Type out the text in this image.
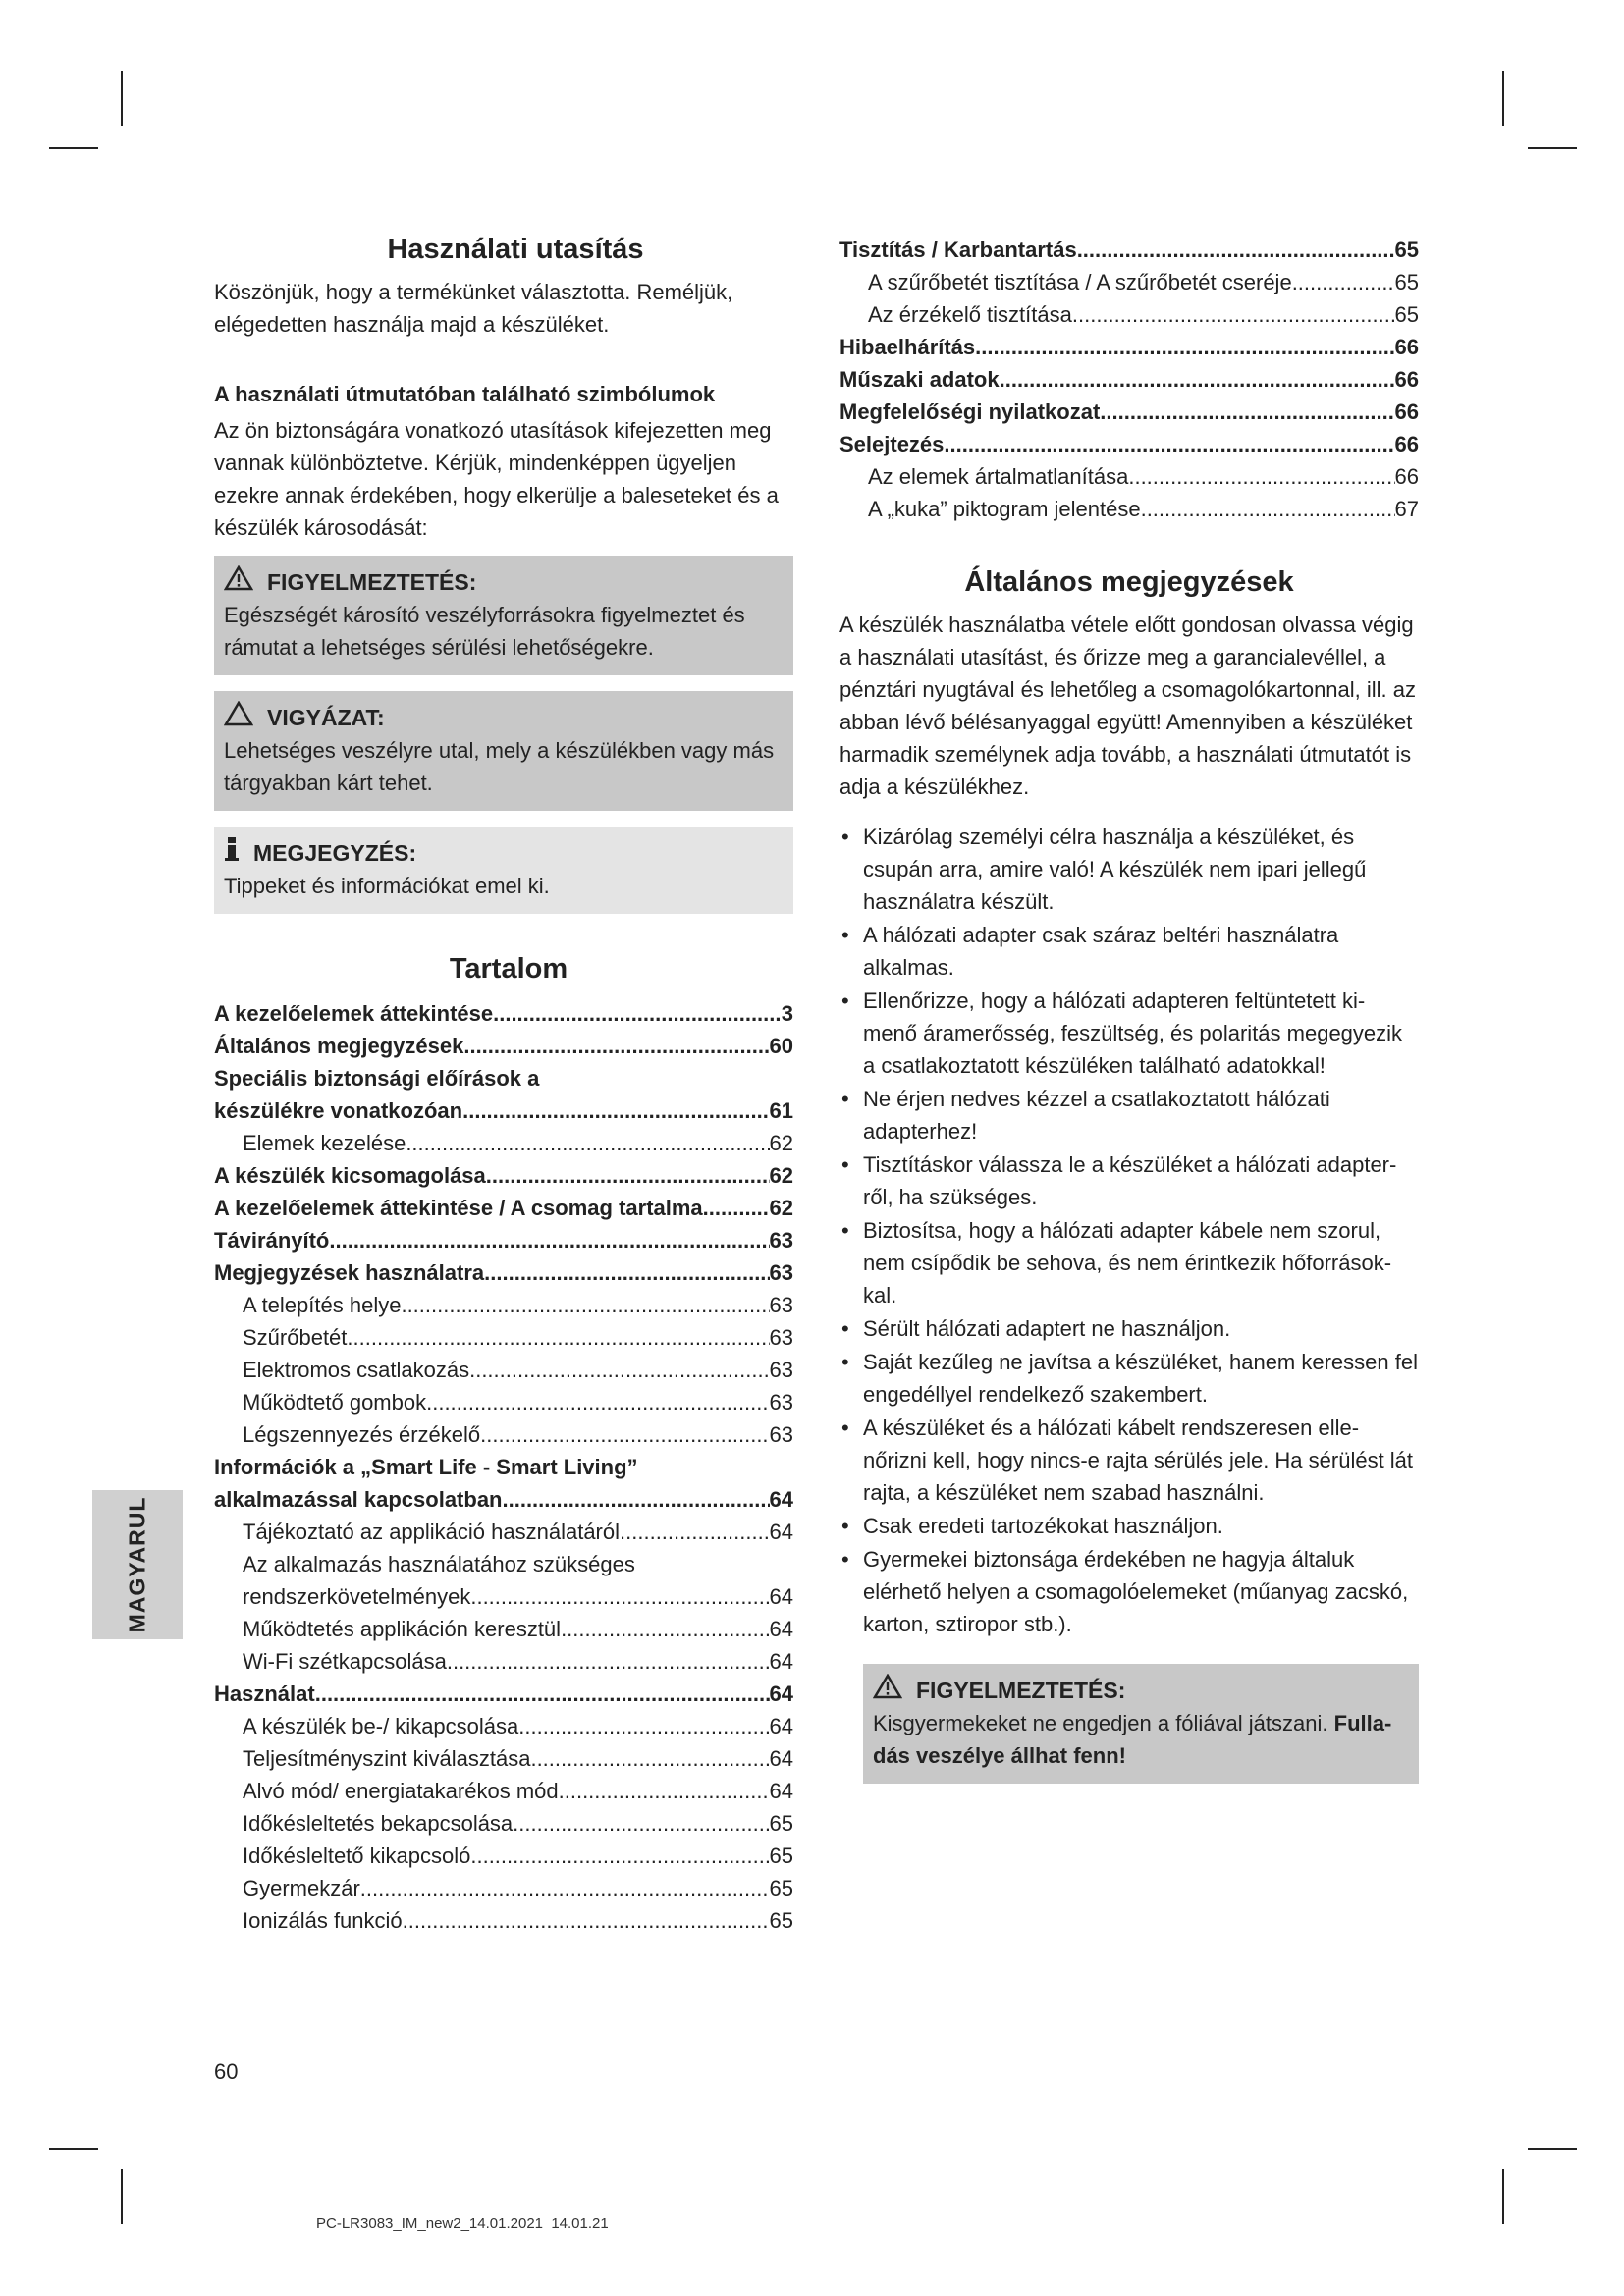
Használati utasítás

Köszönjük, hogy a termékünket választotta. Reméljük, elégedetten használja majd a készüléket.

A használati útmutatóban található szimbólumok

Az ön biztonságára vonatkozó utasítások kifejezetten meg vannak különböztetve. Kérjük, mindenképpen ügyeljen ezekre annak érdekében, hogy elkerülje a baleseteket és a készülék károsodását:

FIGYELMEZTETÉS:
Egészségét károsító veszélyforrásokra figyelmeztet és rámutat a lehetséges sérülési lehetőségekre.
VIGYÁZAT:
Lehetséges veszélyre utal, mely a készülékben vagy más tárgyakban kárt tehet.
MEGJEGYZÉS:
Tippeket és információkat emel ki.
Tartalom
A kezelőelemek áttekintése .....	3
Általános megjegyzések .....	60
Speciális biztonsági előírások a
készülékre vonatkozóan .....	61
Elemek kezelése .....	62
A készülék kicsomagolása .....	62
A kezelőelemek áttekintése / A csomag tartalma .....	62
Távirányító .....	63
Megjegyzések használatra .....	63
A telepítés helye .....	63
Szűrőbetét .....	63
Elektromos csatlakozás .....	63
Működtető gombok .....	63
Légszennyezés érzékelő .....	63
Információk a „Smart Life - Smart Living”
alkalmazással kapcsolatban .....	64
Tájékoztató az applikáció használatáról .....	64
Az alkalmazás használatához szükséges
rendszerkövetelmények .....	64
Működtetés applikáción keresztül .....	64
Wi-Fi szétkapcsolása .....	64
Használat .....	64
A készülék be-/ kikapcsolása .....	64
Teljesítményszint kiválasztása .....	64
Alvó mód/ energiatakarékos mód .....	64
Időkésleltetés bekapcsolása .....	65
Időkésleltető kikapcsoló .....	65
Gyermekzár .....	65
Ionizálás funkció .....	65
Tisztítás / Karbantartás .....	65
A szűrőbetét tisztítása / A szűrőbetét cseréje .....	65
Az érzékelő tisztítása .....	65
Hibaelhárítás .....	66
Műszaki adatok .....	66
Megfelelőségi nyilatkozat .....	66
Selejtezés .....	66
Az elemek ártalmatlanítása .....	66
A „kuka” piktogram jelentése .....	67
Általános megjegyzések

A készülék használatba vétele előtt gondosan olvassa végig a használati utasítást, és őrizze meg a garancialevéllel, a pénztári nyugtával és lehetőleg a csomagolókartonnal, ill. az abban lévő bélésanyaggal együtt! Amennyiben a készüléket harmadik személynek adja tovább, a használati útmutatót is adja a készülékhez.

• Kizárólag személyi célra használja a készüléket, és csupán arra, amire való! A készülék nem ipari jellegű használatra készült.
• A hálózati adapter csak száraz beltéri használatra alkalmas.
• Ellenőrizze, hogy a hálózati adapteren feltüntetett ki-menő áramerősség, feszültség, és polaritás megegyezik a csatlakoztatott készüléken található adatokkal!
• Ne érjen nedves kézzel a csatlakoztatott hálózati adapterhez!
• Tisztításkor válassza le a készüléket a hálózati adapter-ről, ha szükséges.
• Biztosítsa, hogy a hálózati adapter kábele nem szorul, nem csípődik be sehova, és nem érintkezik hőforrások-kal.
• Sérült hálózati adaptert ne használjon.
• Saját kezűleg ne javítsa a készüléket, hanem keressen fel engedéllyel rendelkező szakembert.
• A készüléket és a hálózati kábelt rendszeresen elle-nőrizni kell, hogy nincs-e rajta sérülés jele. Ha sérülést lát rajta, a készüléket nem szabad használni.
• Csak eredeti tartozékokat használjon.
• Gyermekei biztonsága érdekében ne hagyja általuk elérhető helyen a csomagolóelemeket (műanyag zacskó, karton, sztiropor stb.).
FIGYELMEZTETÉS:
Kisgyermekeket ne engedjen a fóliával játszani. Fulla-dás veszélye állhat fenn!
MAGYARUL
60
PC-LR3083_IM_new2_14.01.2021  14.01.21
